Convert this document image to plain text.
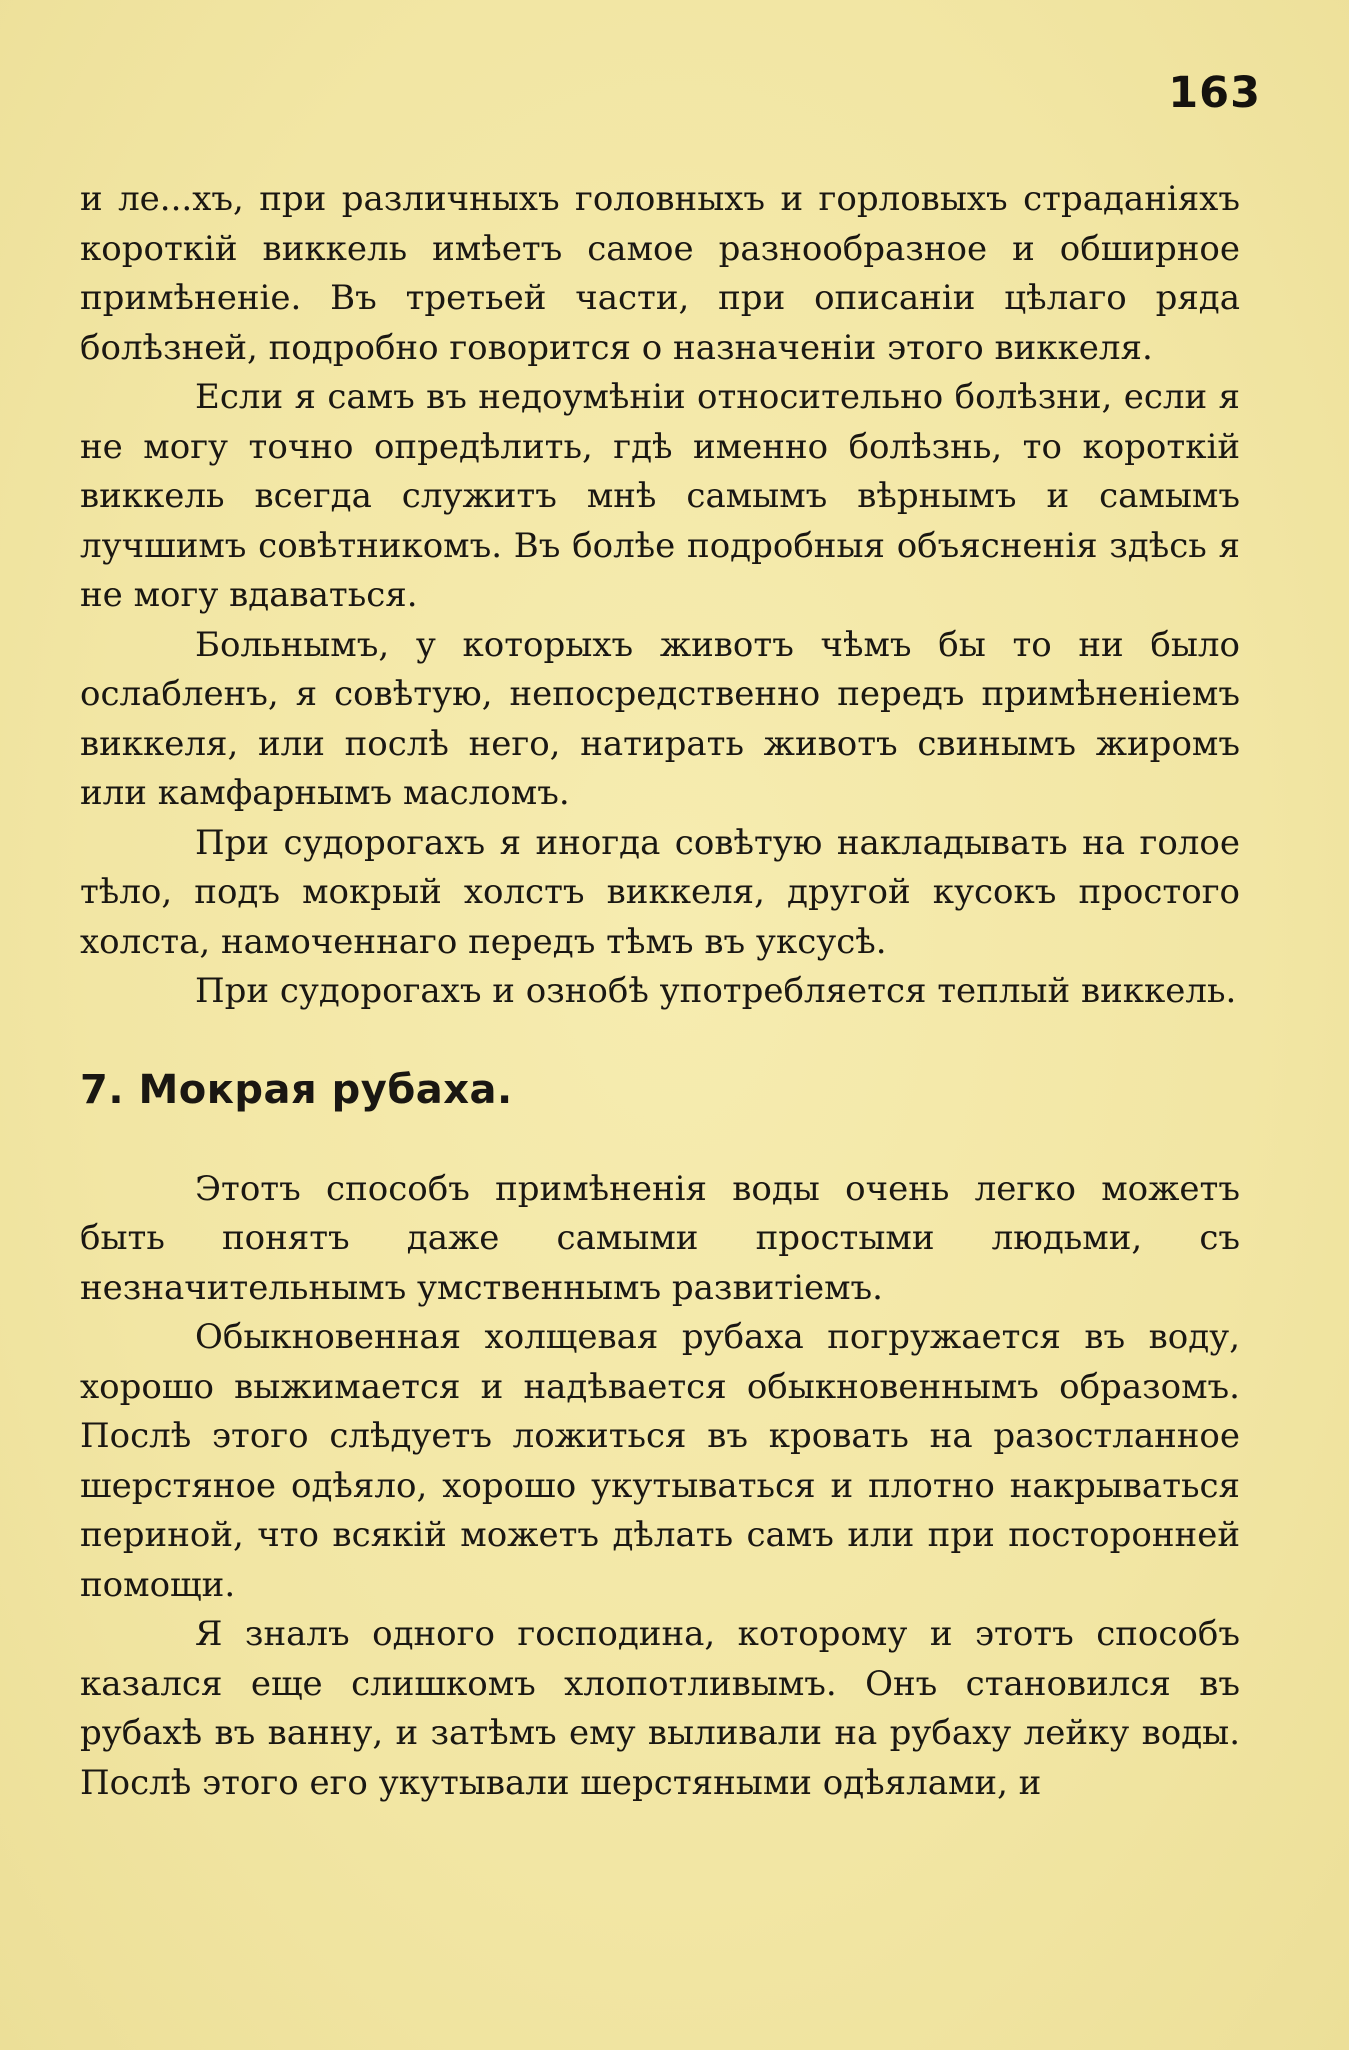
163

и ле...хъ, при различныхъ головныхъ и горловыхъ страданіяхъ короткій виккель имѣетъ самое разнообразное и обширное примѣненіе. Въ третьей части, при описаніи цѣлаго ряда болѣзней, подробно говорится о назначеніи этого виккеля.

Если я самъ въ недоумѣніи относительно болѣзни, если я не могу точно опредѣлить, гдѣ именно болѣзнь, то короткій виккель всегда служитъ мнѣ самымъ вѣрнымъ и самымъ лучшимъ совѣтникомъ. Въ болѣе подробныя объясненія здѣсь я не могу вдаваться.

Больнымъ, у которыхъ животъ чѣмъ бы то ни было ослабленъ, я совѣтую, непосредственно передъ примѣненіемъ виккеля, или послѣ него, натирать животъ свинымъ жиромъ или камфарнымъ масломъ.

При судорогахъ я иногда совѣтую накладывать на голое тѣло, подъ мокрый холстъ виккеля, другой кусокъ простого холста, намоченнаго передъ тѣмъ въ уксусѣ.

При судорогахъ и ознобѣ употребляется теплый виккель.

7. Мокрая рубаха.

Этотъ способъ примѣненія воды очень легко можетъ быть понятъ даже самыми простыми людьми, съ незначительнымъ умственнымъ развитіемъ.

Обыкновенная холщевая рубаха погружается въ воду, хорошо выжимается и надѣвается обыкновеннымъ образомъ. Послѣ этого слѣдуетъ ложиться въ кровать на разостланное шерстяное одѣяло, хорошо укутываться и плотно накрываться периной, что всякій можетъ дѣлать самъ или при посторонней помощи.

Я зналъ одного господина, которому и этотъ способъ казался еще слишкомъ хлопотливымъ. Онъ становился въ рубахѣ въ ванну, и затѣмъ ему выливали на рубаху лейку воды. Послѣ этого его укутывали шерстяными одѣялами, и
